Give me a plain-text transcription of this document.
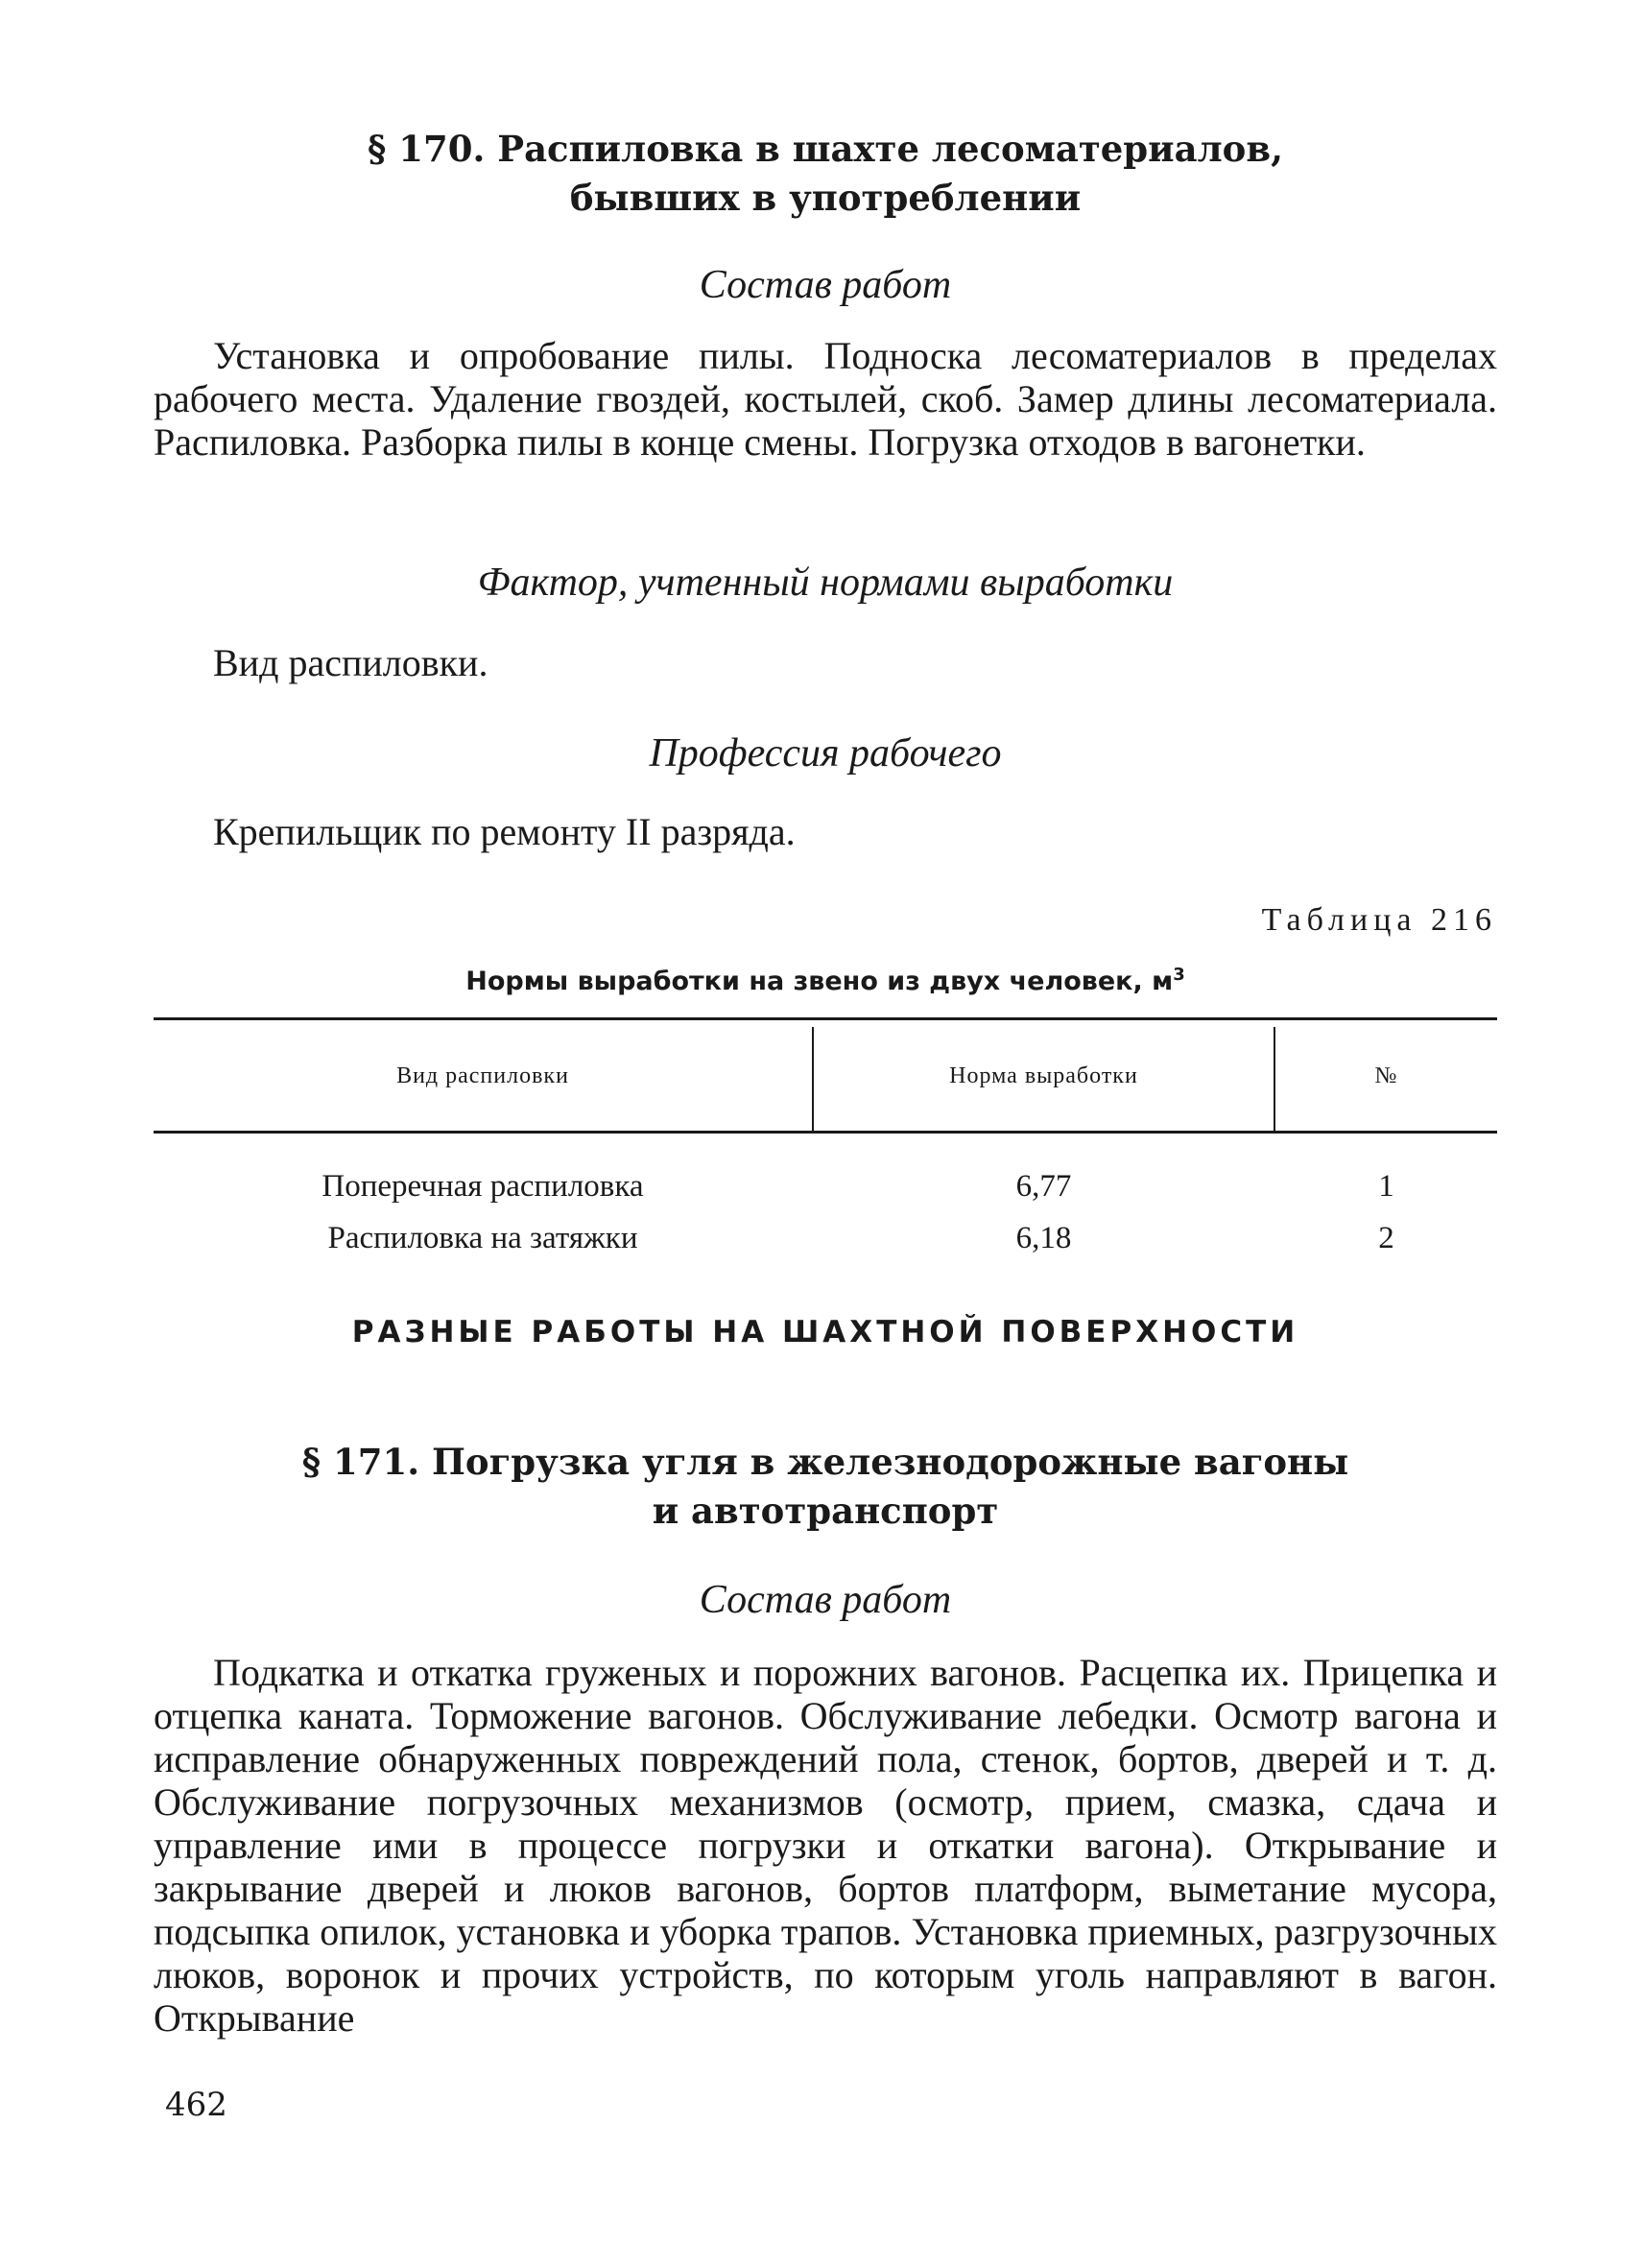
§ 170. Распиловка в шахте лесоматериалов,
бывших в употреблении

Состав работ

Установка и опробование пилы. Подноска лесоматериалов в пределах рабочего места. Удаление гвоздей, костылей, скоб. Замер длины лесоматериала. Распиловка. Разборка пилы в конце смены. Погрузка отходов в вагонетки.

Фактор, учтенный нормами выработки

Вид распиловки.

Профессия рабочего

Крепильщик по ремонту II разряда.

Таблица 216
Нормы выработки на звено из двух человек, $м^3$
Вид распиловки	Норма выработки	№
Поперечная распиловка	6,77	1
Распиловка на затяжки	6,18	2
РАЗНЫЕ РАБОТЫ НА ШАХТНОЙ ПОВЕРХНОСТИ
§ 171. Погрузка угля в железнодорожные вагоны
и автотранспорт

Состав работ

Подкатка и откатка груженых и порожних вагонов. Расцепка их. Прицепка и отцепка каната. Торможение вагонов. Обслуживание лебедки. Осмотр вагона и исправление обнаруженных повреждений пола, стенок, бортов, дверей и т. д. Обслуживание погрузочных механизмов (осмотр, прием, смазка, сдача и управление ими в процессе погрузки и откатки вагона). Открывание и закрывание дверей и люков вагонов, бортов платформ, выметание мусора, подсыпка опилок, установка и уборка трапов. Установка приемных, разгрузочных люков, воронок и прочих устройств, по которым уголь направляют в вагон. Открывание

462
